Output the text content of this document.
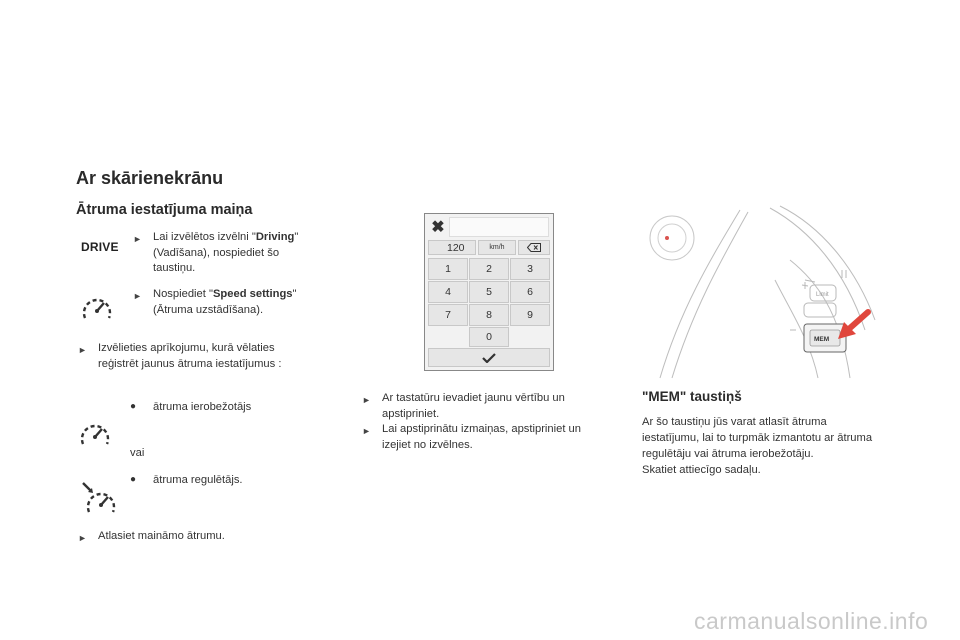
Ar skārienekrānu
Ātruma iestatījuma maiņa
DRIVE
► Lai izvēlētos izvēlni "Driving"
(Vadīšana), nospiediet šo
taustiņu.
► Nospiediet "Speed settings"
(Ātruma uzstādīšana).
► Izvēlieties aprīkojumu, kurā vēlaties
reģistrēt jaunus ātruma iestatījumus :
● ātruma ierobežotājs
vai
● ātruma regulētājs.
► Atlasiet maināmo ātrumu.
✖
120	km/h
1	2	3
4	5	6
7	8	9
0
► Ar tastatūru ievadiet jaunu vērtību un
apstipriniet.
► Lai apstiprinātu izmaiņas, apstipriniet un
izejiet no izvēlnes.
Limit
MEM
"MEM" taustiņš
Ar šo taustiņu jūs varat atlasīt ātruma
iestatījumu, lai to turpmāk izmantotu ar ātruma
regulētāju vai ātruma ierobežotāju.
Skatiet attiecīgo sadaļu.
carmanualsonline.info
